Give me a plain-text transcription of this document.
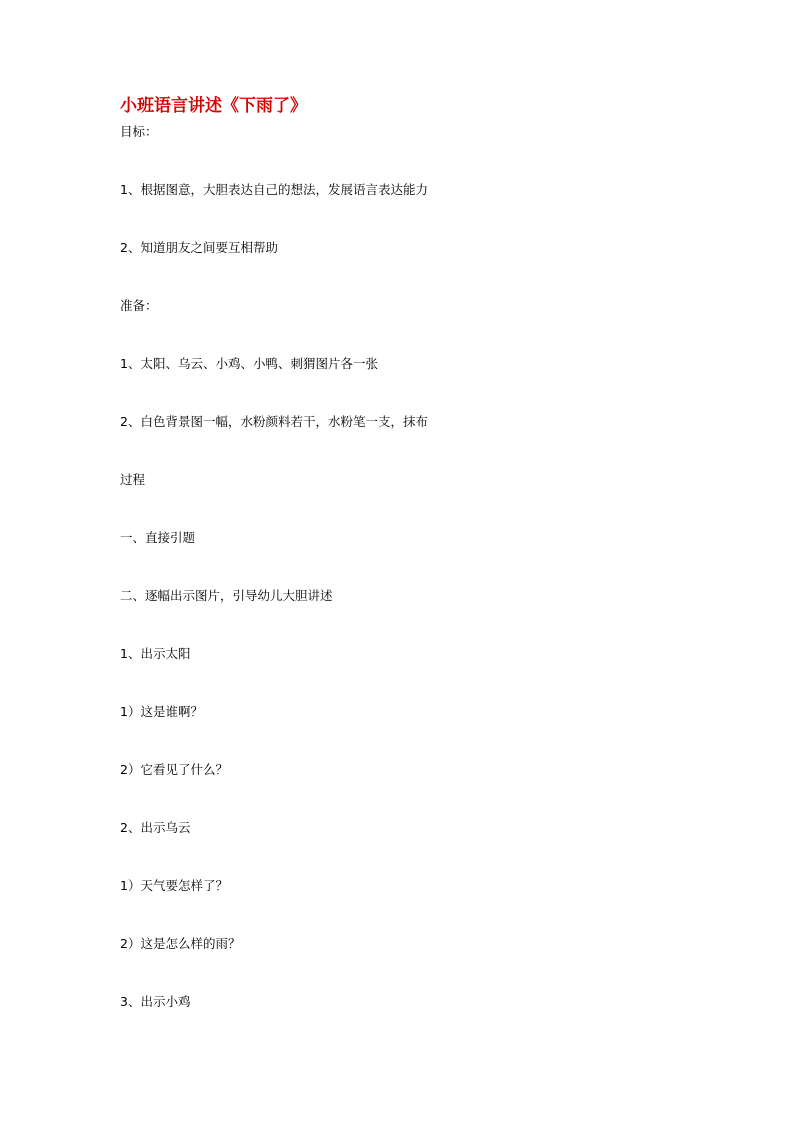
小班语言讲述《下雨了》
目标：
1、根据图意，大胆表达自己的想法，发展语言表达能力
2、知道朋友之间要互相帮助
准备：
1、太阳、乌云、小鸡、小鸭、刺猬图片各一张
2、白色背景图一幅，水粉颜料若干，水粉笔一支，抹布
过程
一、直接引题
二、逐幅出示图片，引导幼儿大胆讲述
1、出示太阳
1）这是谁啊？
2）它看见了什么？
2、出示乌云
1）天气要怎样了？
2）这是怎么样的雨？
3、出示小鸡
